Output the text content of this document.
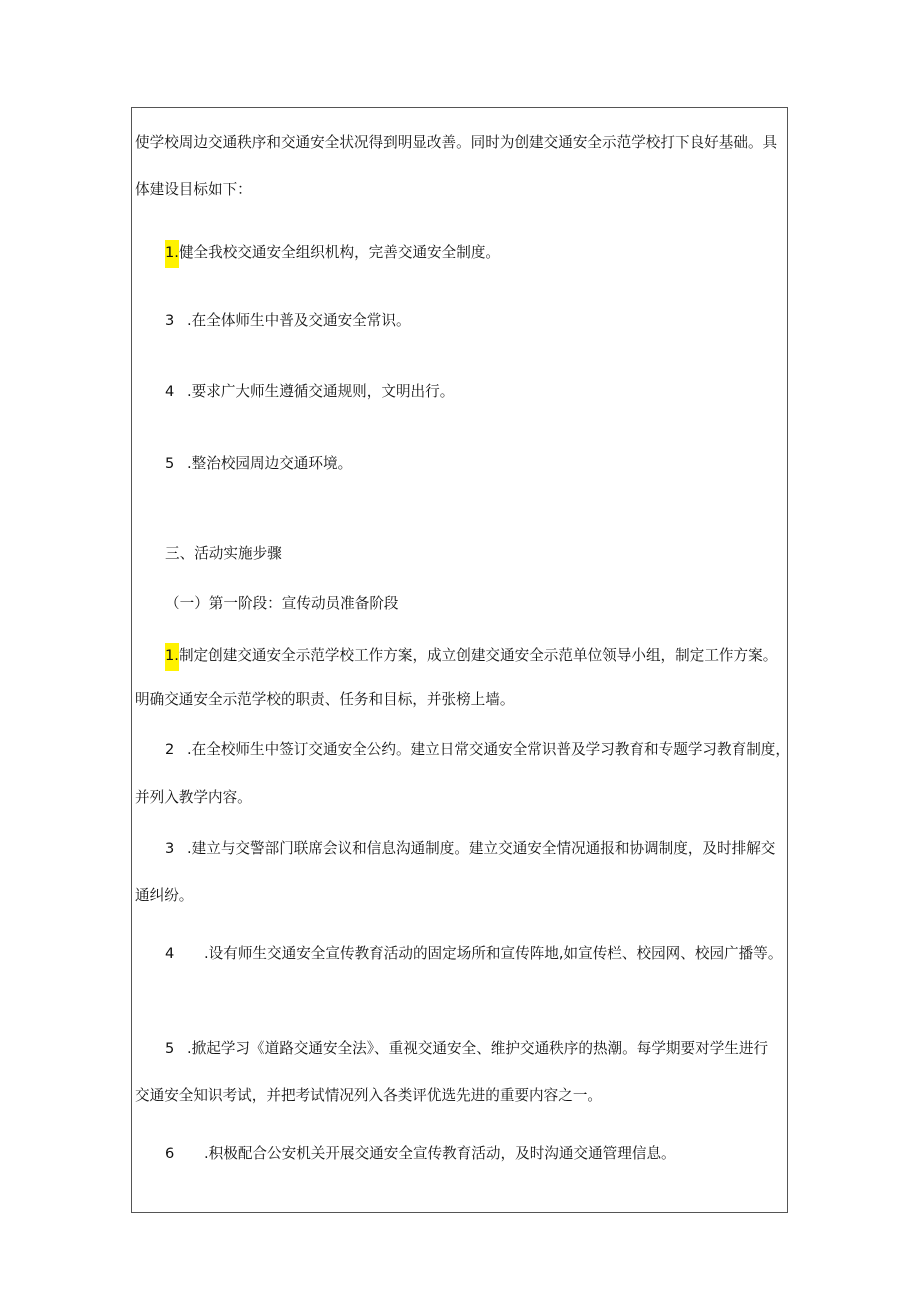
使学校周边交通秩序和交通安全状况得到明显改善。同时为创建交通安全示范学校打下良好基础。具
体建设目标如下：
1.健全我校交通安全组织机构，完善交通安全制度。
3 .在全体师生中普及交通安全常识。
4 .要求广大师生遵循交通规则，文明出行。
5 .整治校园周边交通环境。
三、活动实施步骤
（一）第一阶段：宣传动员准备阶段
1.制定创建交通安全示范学校工作方案，成立创建交通安全示范单位领导小组，制定工作方案。
明确交通安全示范学校的职责、任务和目标，并张榜上墙。
2 .在全校师生中签订交通安全公约。建立日常交通安全常识普及学习教育和专题学习教育制度，
并列入教学内容。
3 .建立与交警部门联席会议和信息沟通制度。建立交通安全情况通报和协调制度，及时排解交
通纠纷。
4 .设有师生交通安全宣传教育活动的固定场所和宣传阵地,如宣传栏、校园网、校园广播等。
5 .掀起学习《道路交通安全法》、重视交通安全、维护交通秩序的热潮。每学期要对学生进行
交通安全知识考试，并把考试情况列入各类评优选先进的重要内容之一。
6 .积极配合公安机关开展交通安全宣传教育活动，及时沟通交通管理信息。
